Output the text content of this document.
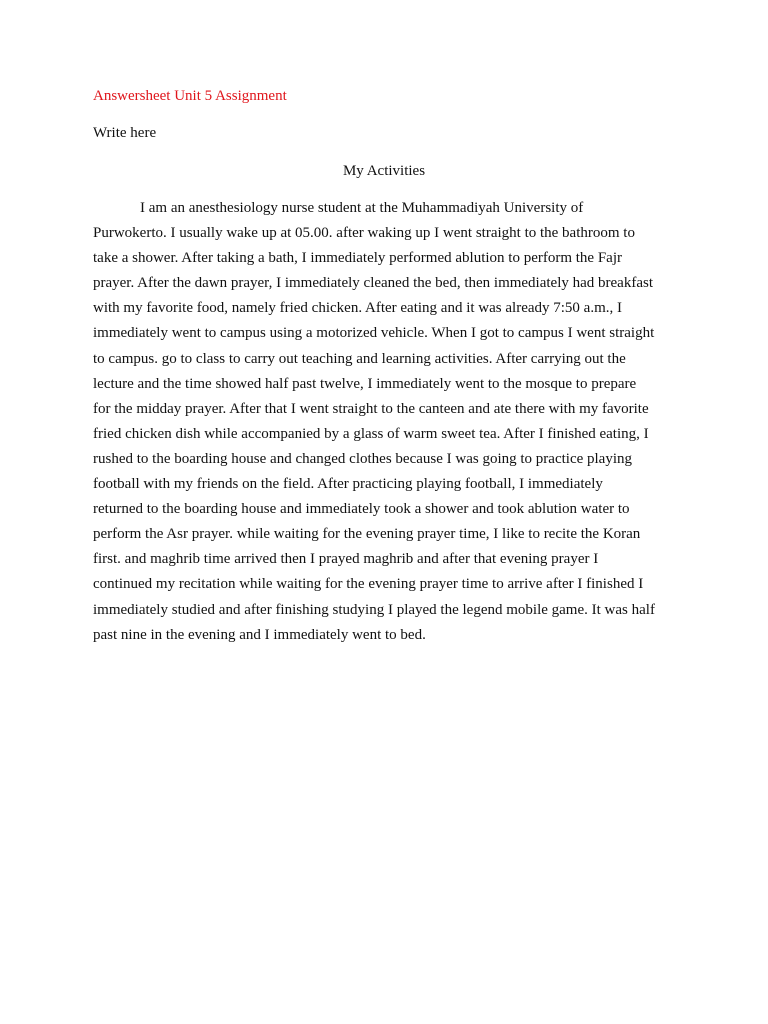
Answersheet Unit 5 Assignment
Write here
My Activities
I am an anesthesiology nurse student at the Muhammadiyah University of
Purwokerto. I usually wake up at 05.00. after waking up I went straight to the bathroom to
take a shower. After taking a bath, I immediately performed ablution to perform the Fajr
prayer. After the dawn prayer, I immediately cleaned the bed, then immediately had breakfast
with my favorite food, namely fried chicken. After eating and it was already 7:50 a.m., I
immediately went to campus using a motorized vehicle. When I got to campus I went straight
to campus. go to class to carry out teaching and learning activities. After carrying out the
lecture and the time showed half past twelve, I immediately went to the mosque to prepare
for the midday prayer. After that I went straight to the canteen and ate there with my favorite
fried chicken dish while accompanied by a glass of warm sweet tea. After I finished eating, I
rushed to the boarding house and changed clothes because I was going to practice playing
football with my friends on the field. After practicing playing football, I immediately
returned to the boarding house and immediately took a shower and took ablution water to
perform the Asr prayer. while waiting for the evening prayer time, I like to recite the Koran
first. and maghrib time arrived then I prayed maghrib and after that evening prayer I
continued my recitation while waiting for the evening prayer time to arrive after I finished I
immediately studied and after finishing studying I played the legend mobile game. It was half
past nine in the evening and I immediately went to bed.
